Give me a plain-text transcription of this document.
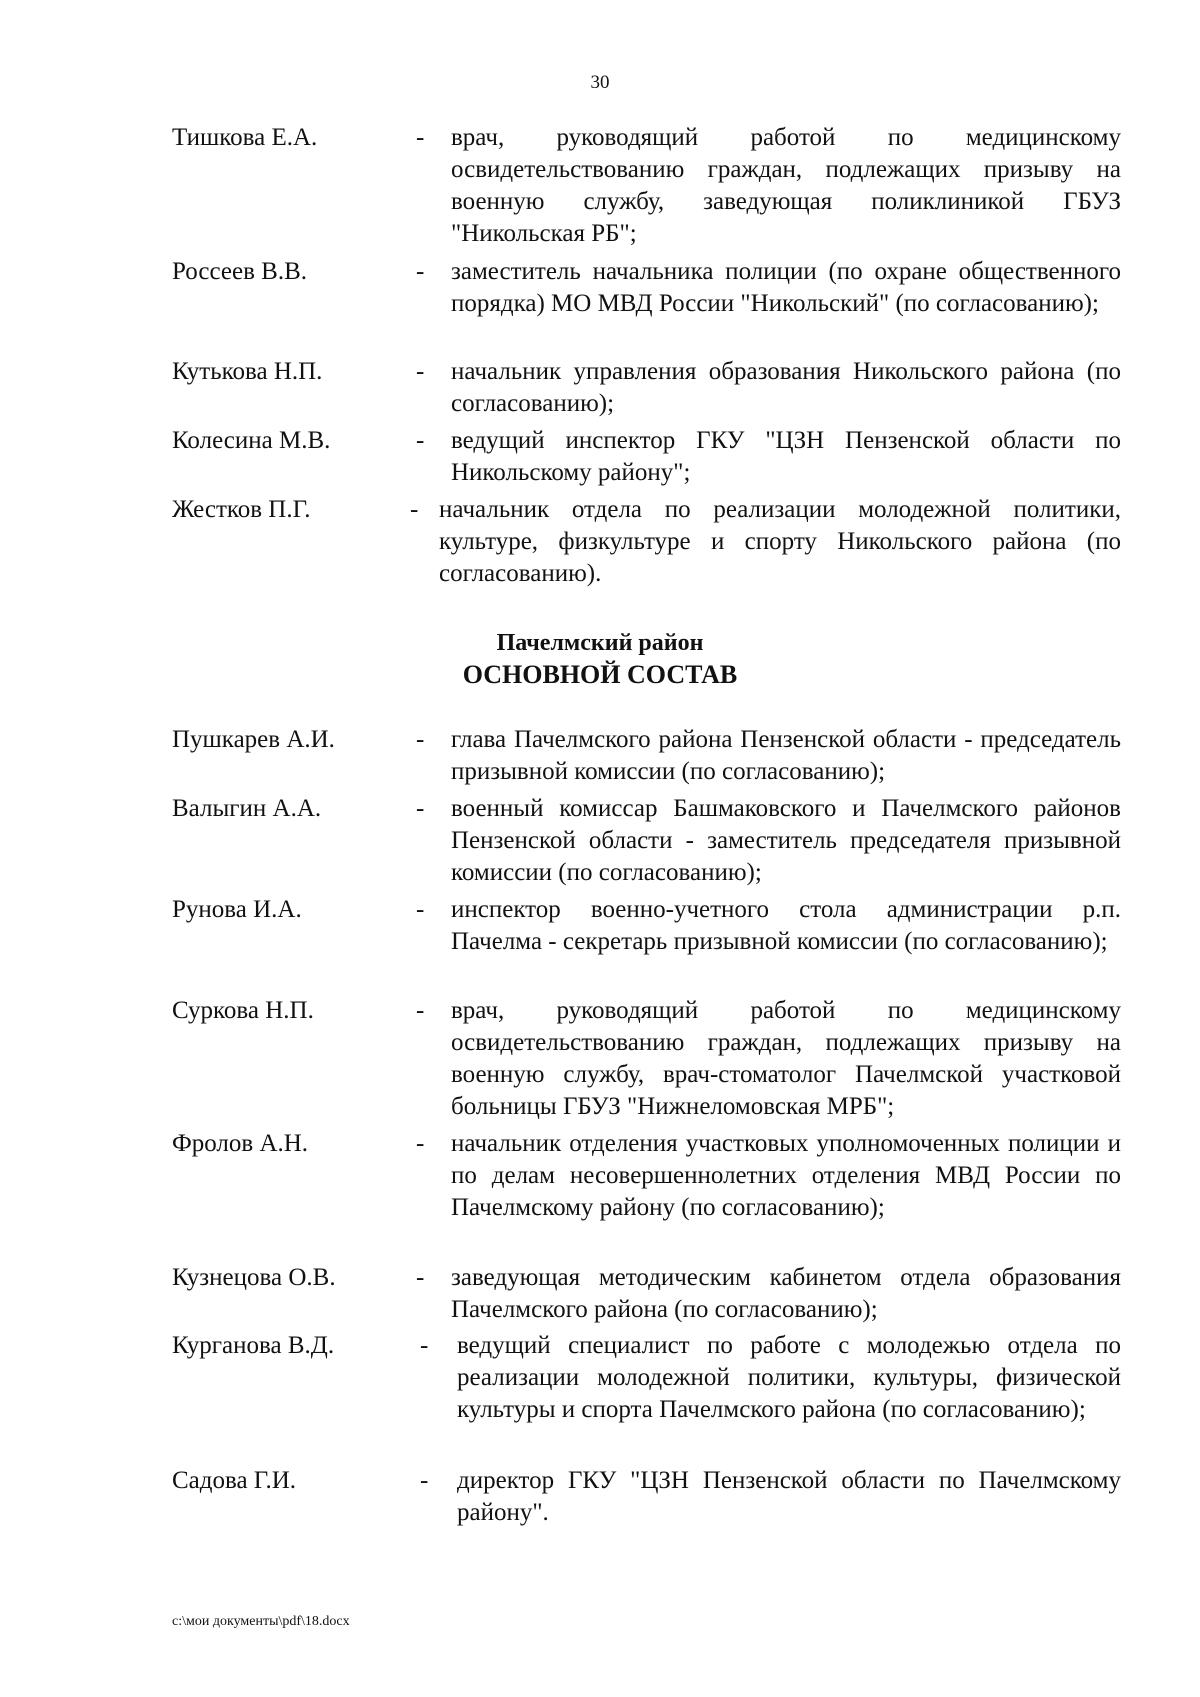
30
Тишкова Е.А.	- врач, руководящий работой по медицинскому освидетельствованию граждан, подлежащих призыву на военную службу, заведующая поликлиникой ГБУЗ "Никольская РБ";
Россеев В.В.	- заместитель начальника полиции (по охране общественного порядка) МО МВД России "Никольский" (по согласованию);
Кутькова Н.П.	- начальник управления образования Никольского района (по согласованию);
Колесина М.В.	- ведущий инспектор ГКУ "ЦЗН Пензенской области по Никольскому району";
Жестков П.Г.	- начальник отдела по реализации молодежной политики, культуре, физкультуре и спорту Никольского района (по согласованию).
Пачелмский район
ОСНОВНОЙ СОСТАВ
Пушкарев А.И.	- глава Пачелмского района Пензенской области - председатель призывной комиссии (по согласованию);
Валыгин А.А.	- военный комиссар Башмаковского и Пачелмского районов Пензенской области - заместитель председателя призывной комиссии (по согласованию);
Рунова И.А.	- инспектор военно-учетного стола администрации р.п. Пачелма - секретарь призывной комиссии (по согласованию);
Суркова Н.П.	- врач, руководящий работой по медицинскому освидетельствованию граждан, подлежащих призыву на военную службу, врач-стоматолог Пачелмской участковой больницы ГБУЗ "Нижнеломовская МРБ";
Фролов А.Н.	- начальник отделения участковых уполномоченных полиции и по делам несовершеннолетних отделения МВД России по Пачелмскому району (по согласованию);
Кузнецова О.В.	- заведующая методическим кабинетом отдела образования Пачелмского района (по согласованию);
Курганова В.Д.	- ведущий специалист по работе с молодежью отдела по реализации молодежной политики, культуры, физической культуры и спорта Пачелмского района (по согласованию);
Садова Г.И.	- директор ГКУ "ЦЗН Пензенской области по Пачелмскому району".
c:\мои документы\pdf\18.docx
